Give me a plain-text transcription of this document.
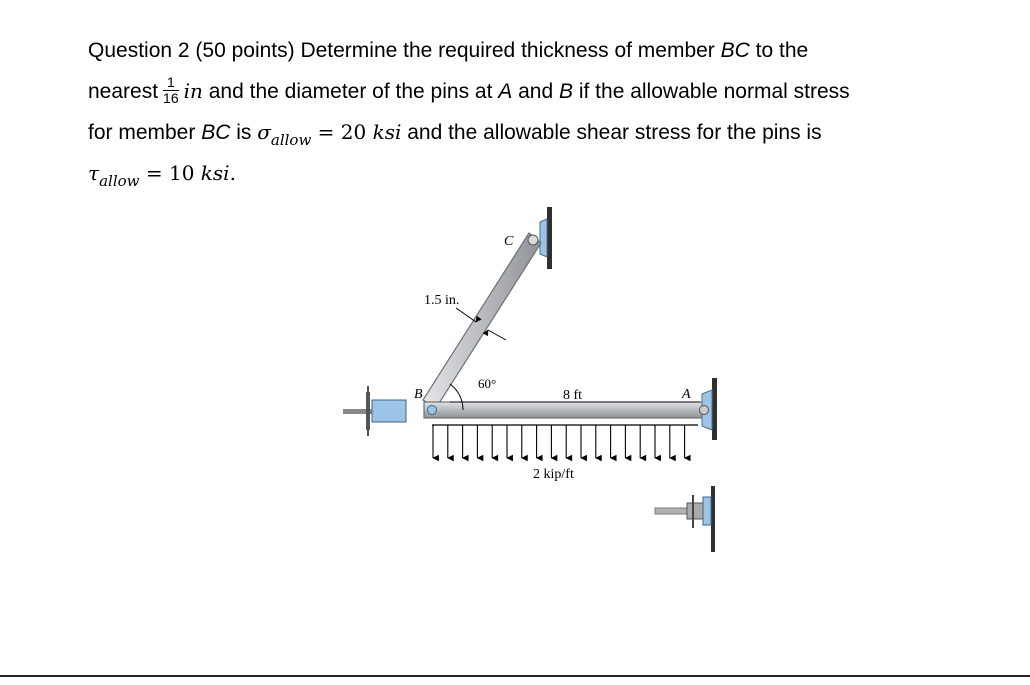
Question 2 (50 points) Determine the required thickness of member BC to the
nearest $\frac{1}{16}$ in and the diameter of the pins at A and B if the allowable normal stress
for member BC is $\sigma_{allow} = 20$ ksi and the allowable shear stress for the pins is
$\tau_{allow} = 10$ ksi.
C
B	A
1.5 in.
60°
8 ft
2 kip/ft
